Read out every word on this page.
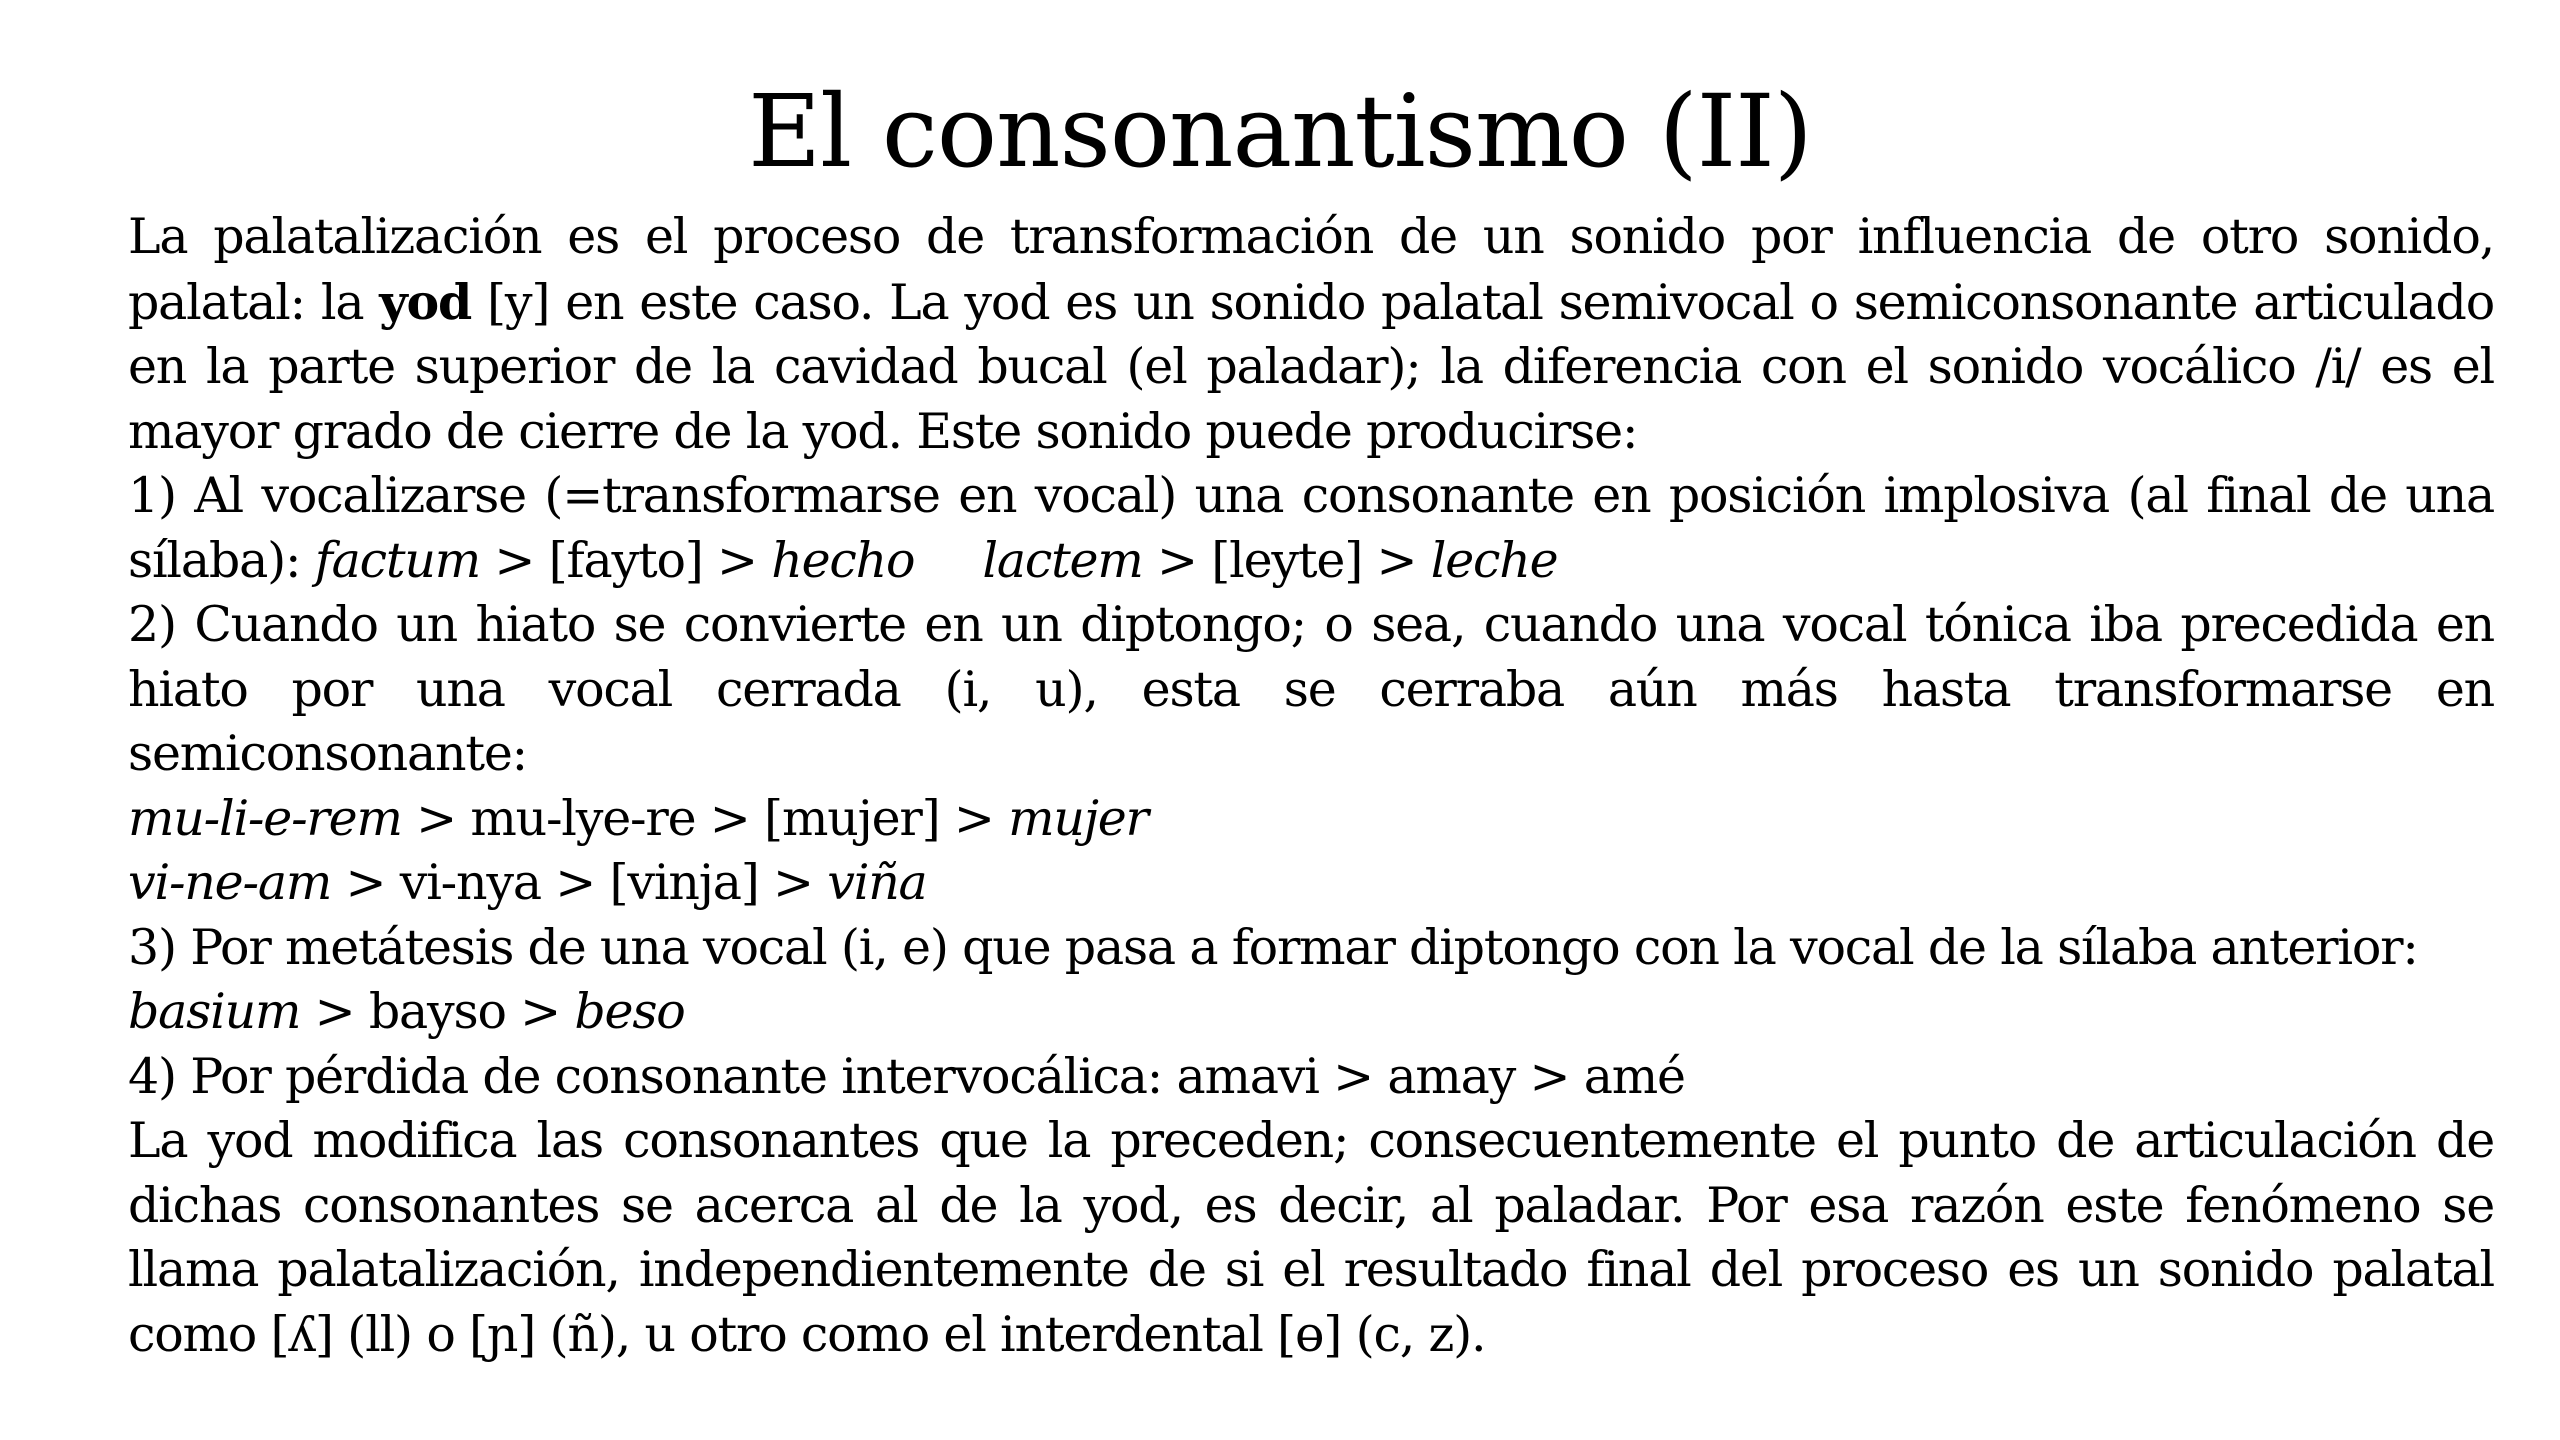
El consonantismo (II)

La palatalización es el proceso de transformación de un sonido por influencia de otro sonido, palatal: la yod [y] en este caso. La yod es un sonido palatal semivocal o semiconsonante articulado en la parte superior de la cavidad bucal (el paladar); la diferencia con el sonido vocálico /i/ es el mayor grado de cierre de la yod. Este sonido puede producirse:

1) Al vocalizarse (=transformarse en vocal) una consonante en posición implosiva (al final de una sílaba): factum > [fayto] > hecho lactem > [leyte] > leche

2) Cuando un hiato se convierte en un diptongo; o sea, cuando una vocal tónica iba precedida en hiato por una vocal cerrada (i, u), esta se cerraba aún más hasta transformarse en semiconsonante:

mu-li-e-rem > mu-lye-re > [mujer] > mujer

vi-ne-am > vi-nya > [vinja] > viña

3) Por metátesis de una vocal (i, e) que pasa a formar diptongo con la vocal de la sílaba anterior:

basium > bayso > beso

4) Por pérdida de consonante intervocálica: amavi > amay > amé

La yod modifica las consonantes que la preceden; consecuentemente el punto de articulación de dichas consonantes se acerca al de la yod, es decir, al paladar. Por esa razón este fenómeno se llama palatalización, independientemente de si el resultado final del proceso es un sonido palatal como [ʎ] (ll) o [ɲ] (ñ), u otro como el interdental [ɵ] (c, z).
